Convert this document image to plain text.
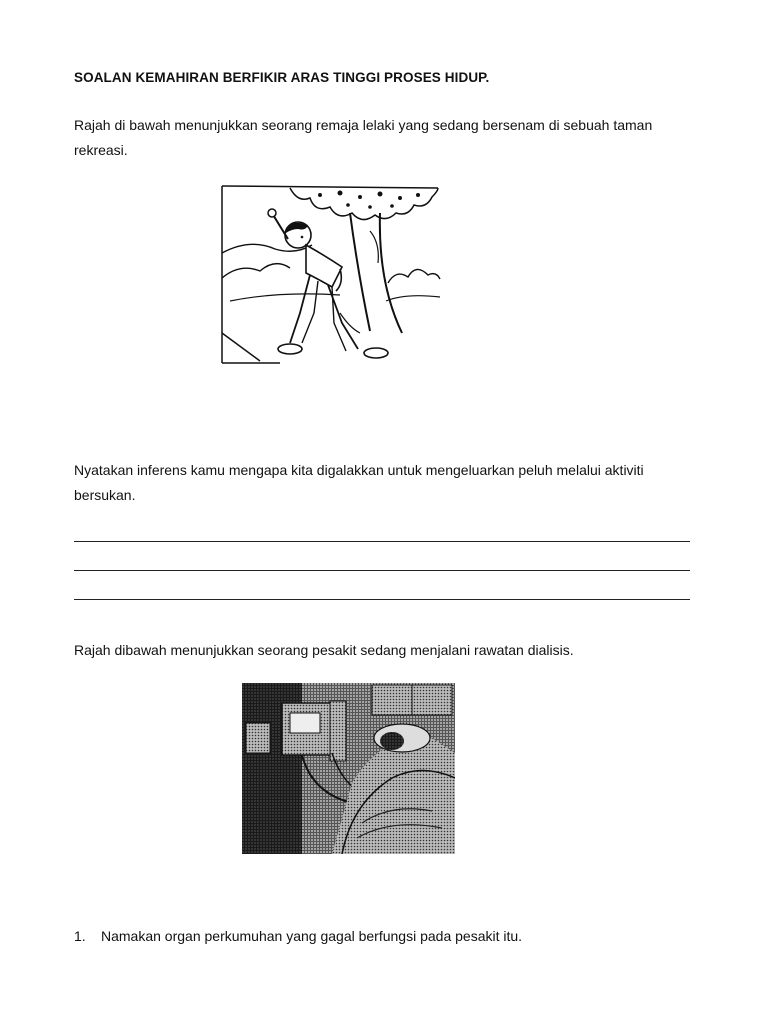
SOALAN KEMAHIRAN BERFIKIR ARAS TINGGI PROSES HIDUP.
Rajah di bawah menunjukkan seorang remaja lelaki yang sedang bersenam di sebuah taman
rekreasi.
Nyatakan inferens kamu mengapa kita digalakkan untuk mengeluarkan peluh melalui aktiviti
bersukan.
Rajah dibawah menunjukkan seorang pesakit sedang menjalani rawatan dialisis.
1. Namakan organ perkumuhan yang gagal berfungsi pada pesakit itu.
